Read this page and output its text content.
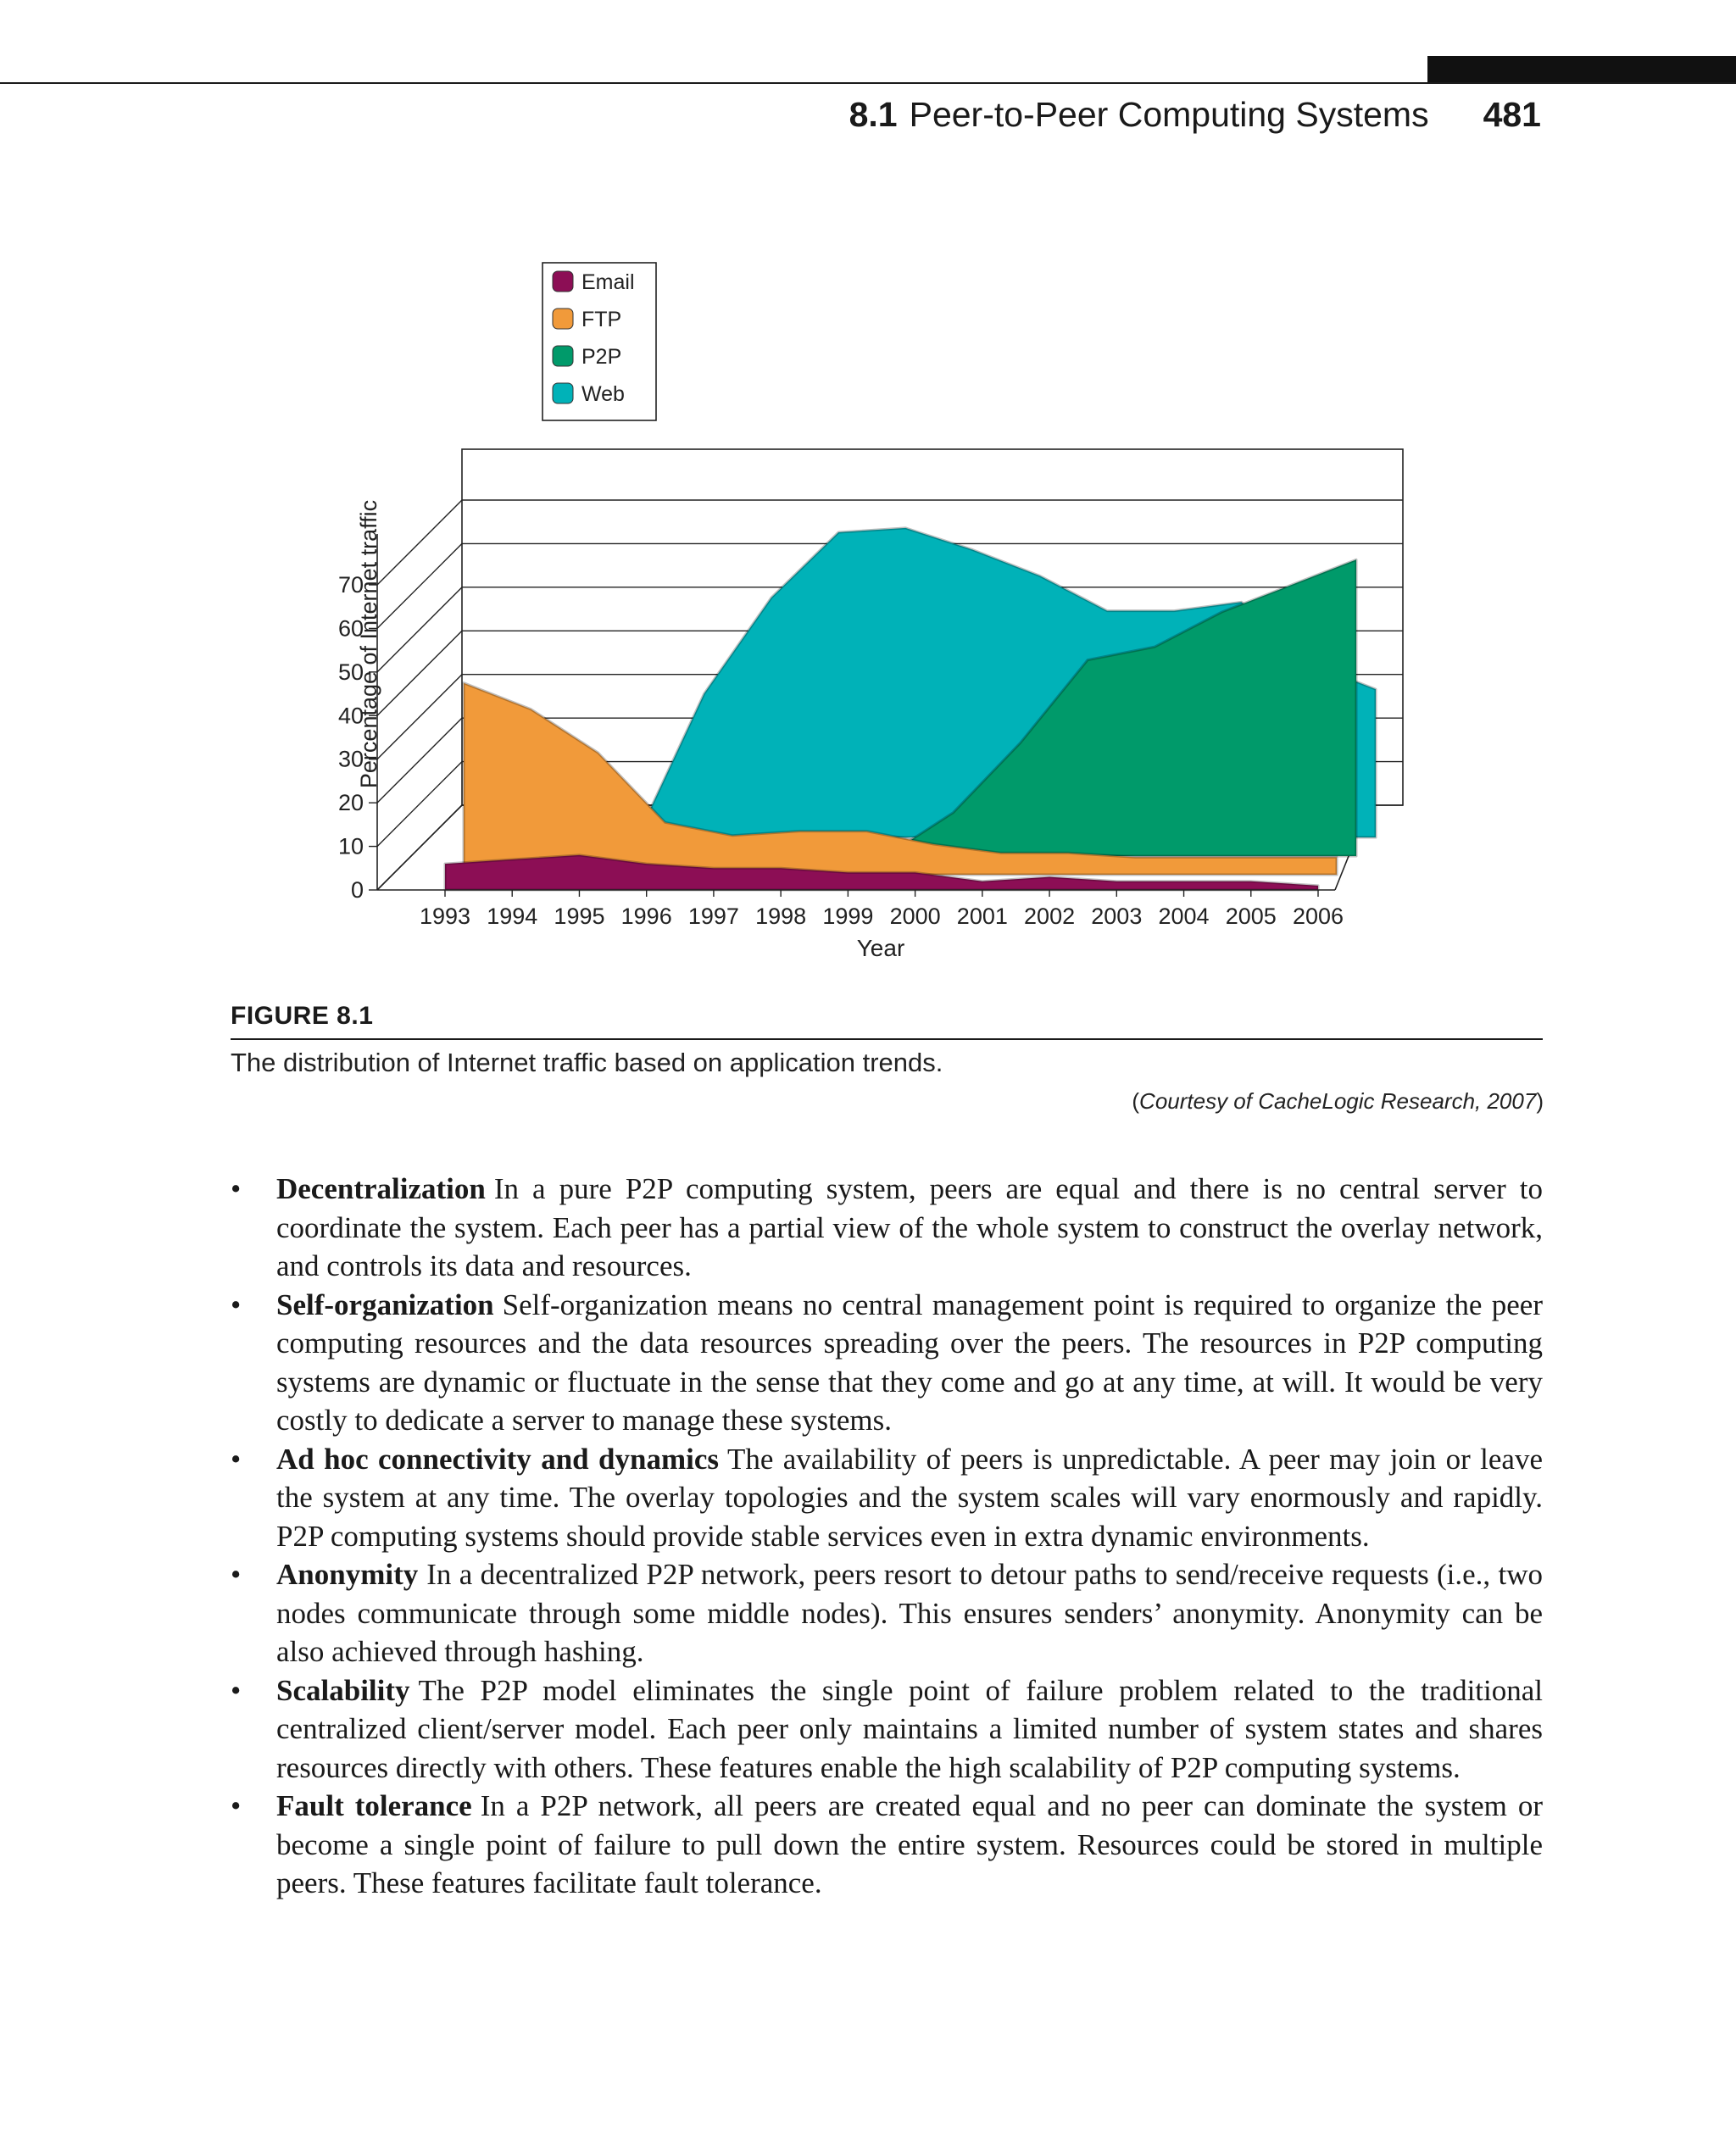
8.1 Peer-to-Peer Computing Systems 481
0
10
20
30
40
50
60
70
1993 1994 1995 1996 1997 1998 1999 2000 2001 2002 2003 2004 2005 2006
Email
FTP
P2P
Web
Percentage of Internet traffic
Year
FIGURE 8.1
The distribution of Internet traffic based on application trends.
(Courtesy of CacheLogic Research, 2007)
• Decentralization In a pure P2P computing system, peers are equal and there is no central server to coordinate the system. Each peer has a partial view of the whole system to construct the overlay network, and controls its data and resources.
• Self-organization Self-organization means no central management point is required to organize the peer computing resources and the data resources spreading over the peers. The resources in P2P computing systems are dynamic or fluctuate in the sense that they come and go at any time, at will. It would be very costly to dedicate a server to manage these systems.
• Ad hoc connectivity and dynamics The availability of peers is unpredictable. A peer may join or leave the system at any time. The overlay topologies and the system scales will vary enormously and rapidly. P2P computing systems should provide stable services even in extra dynamic environments.
• Anonymity In a decentralized P2P network, peers resort to detour paths to send/receive requests (i.e., two nodes communicate through some middle nodes). This ensures senders’ anonymity. Anonymity can be also achieved through hashing.
• Scalability The P2P model eliminates the single point of failure problem related to the traditional centralized client/server model. Each peer only maintains a limited number of system states and shares resources directly with others. These features enable the high scalability of P2P computing systems.
• Fault tolerance In a P2P network, all peers are created equal and no peer can dominate the system or become a single point of failure to pull down the entire system. Resources could be stored in multiple peers. These features facilitate fault tolerance.
